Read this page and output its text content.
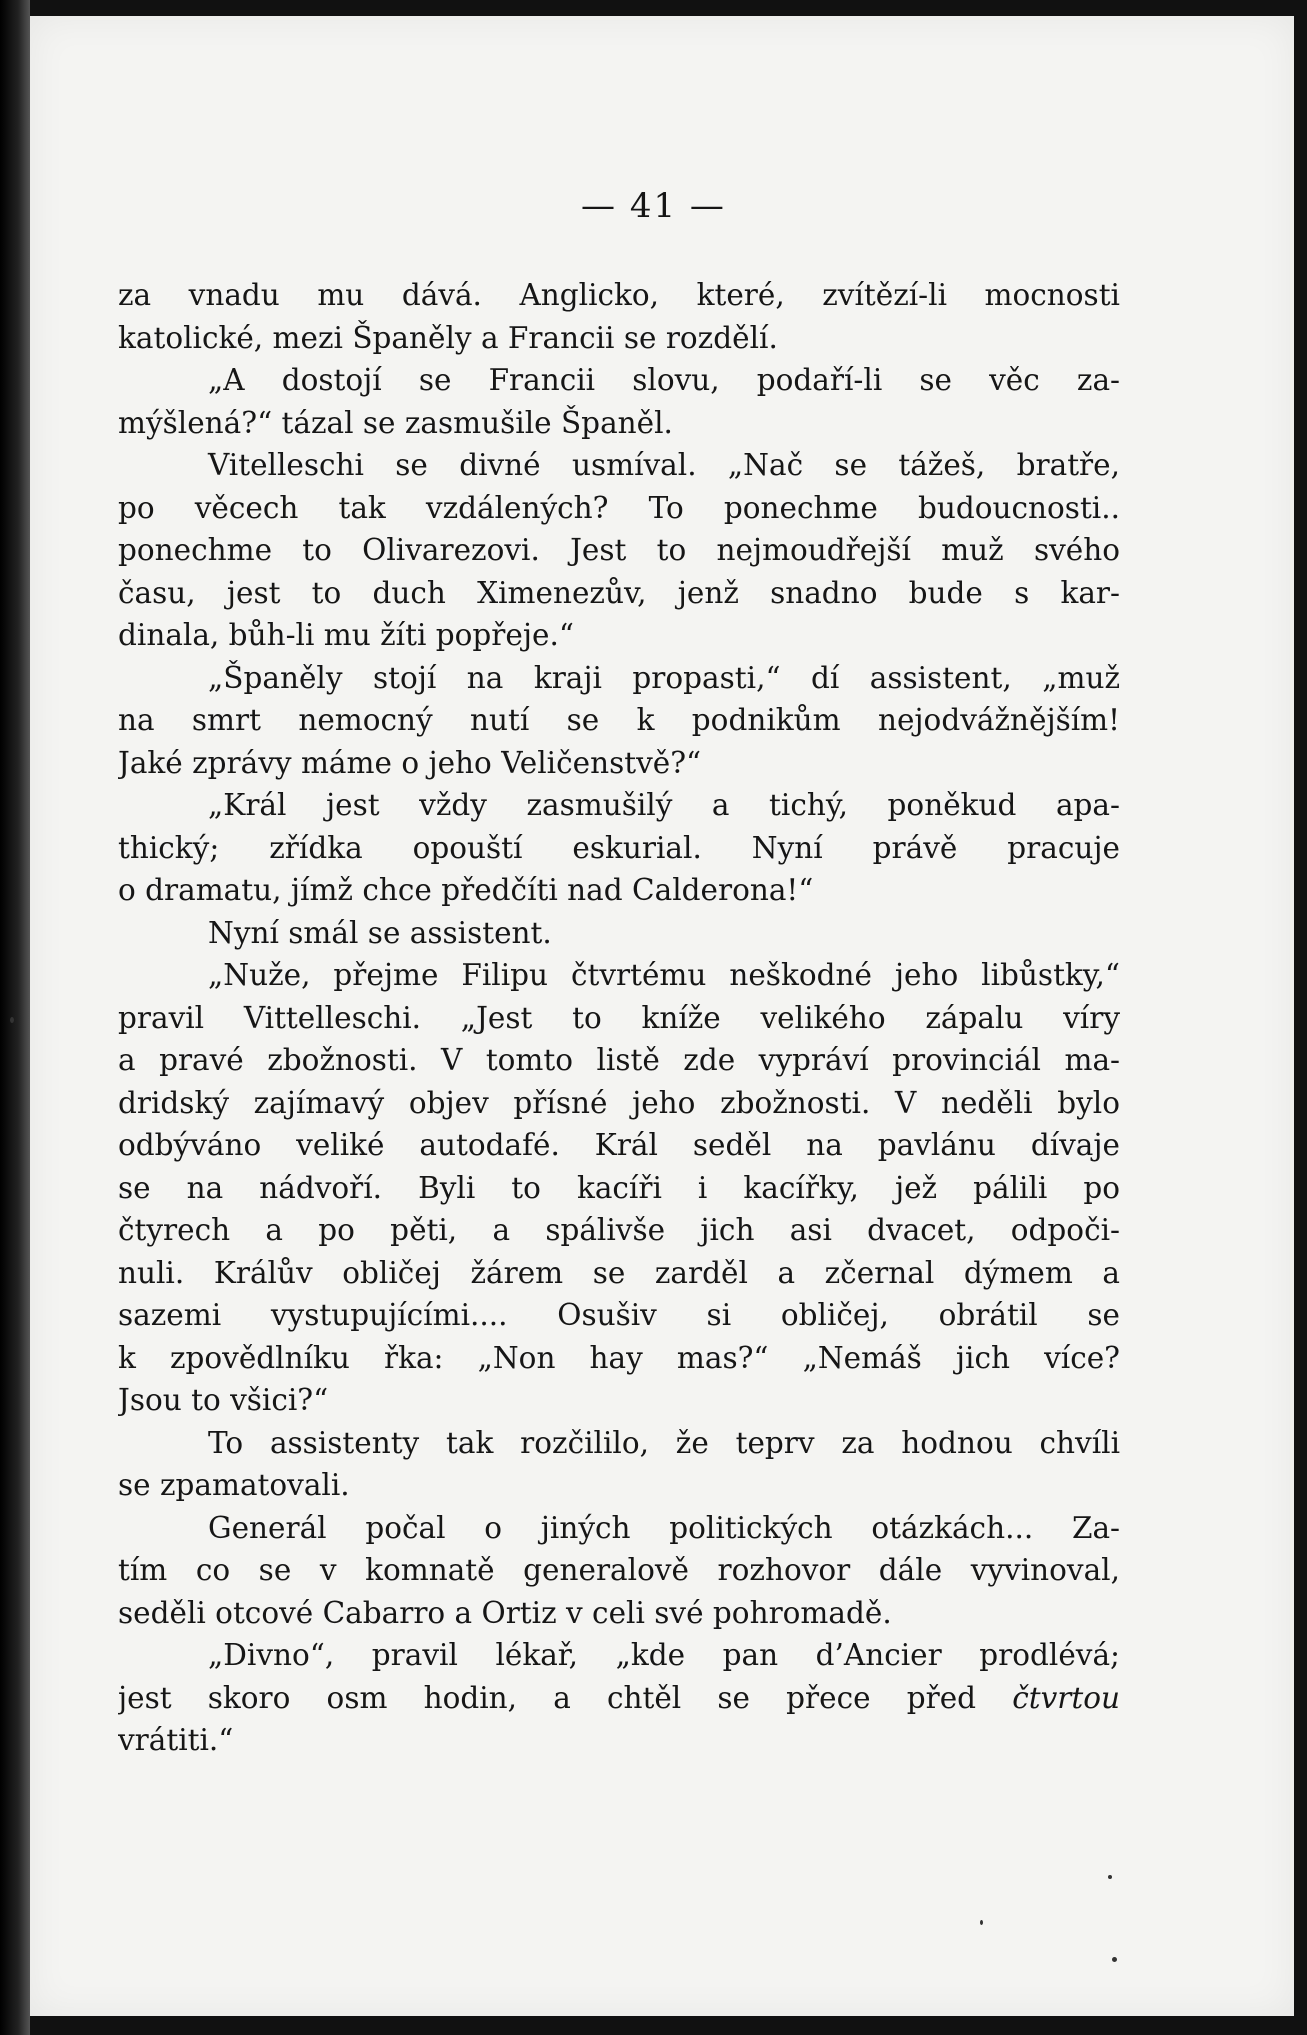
— 41 —
za vnadu mu dává. Anglicko, které, zvítězí-li mocnosti
katolické, mezi Španěly a Francii se rozdělí.
„A dostojí se Francii slovu, podaří-li se věc za-
mýšlená?“ tázal se zasmušile Španěl.
Vitelleschi se divné usmíval. „Nač se tážeš, bratře,
po věcech tak vzdálených? To ponechme budoucnosti..
ponechme to Olivarezovi. Jest to nejmoudřejší muž svého
času, jest to duch Ximenezův, jenž snadno bude s kar-
dinala, bůh-li mu žíti popřeje.“
„Španěly stojí na kraji propasti,“ dí assistent, „muž
na smrt nemocný nutí se k podnikům nejodvážnějším!
Jaké zprávy máme o jeho Veličenstvě?“
„Král jest vždy zasmušilý a tichý, poněkud apa-
thický; zřídka opouští eskurial. Nyní právě pracuje
o dramatu, jímž chce předčíti nad Calderona!“
Nyní smál se assistent.
„Nuže, přejme Filipu čtvrtému neškodné jeho libůstky,“
pravil Vittelleschi. „Jest to kníže velikého zápalu víry
a pravé zbožnosti. V tomto listě zde vypráví provinciál ma-
dridský zajímavý objev přísné jeho zbožnosti. V neděli bylo
odbýváno veliké autodafé. Král seděl na pavlánu dívaje
se na nádvoří. Byli to kacíři i kacířky, jež pálili po
čtyrech a po pěti, a spálivše jich asi dvacet, odpoči-
nuli. Králův obličej žárem se zarděl a zčernal dýmem a
sazemi vystupujícími.... Osušiv si obličej, obrátil se
k zpovědlníku řka: „Non hay mas?“ „Nemáš jich více?
Jsou to všici?“
To assistenty tak rozčililo, že teprv za hodnou chvíli
se zpamatovali.
Generál počal o jiných politických otázkách... Za-
tím co se v komnatě generalově rozhovor dále vyvinoval,
seděli otcové Cabarro a Ortiz v celi své pohromadě.
„Divno“, pravil lékař, „kde pan d’Ancier prodlévá;
jest skoro osm hodin, a chtěl se přece před čtvrtou
vrátiti.“
